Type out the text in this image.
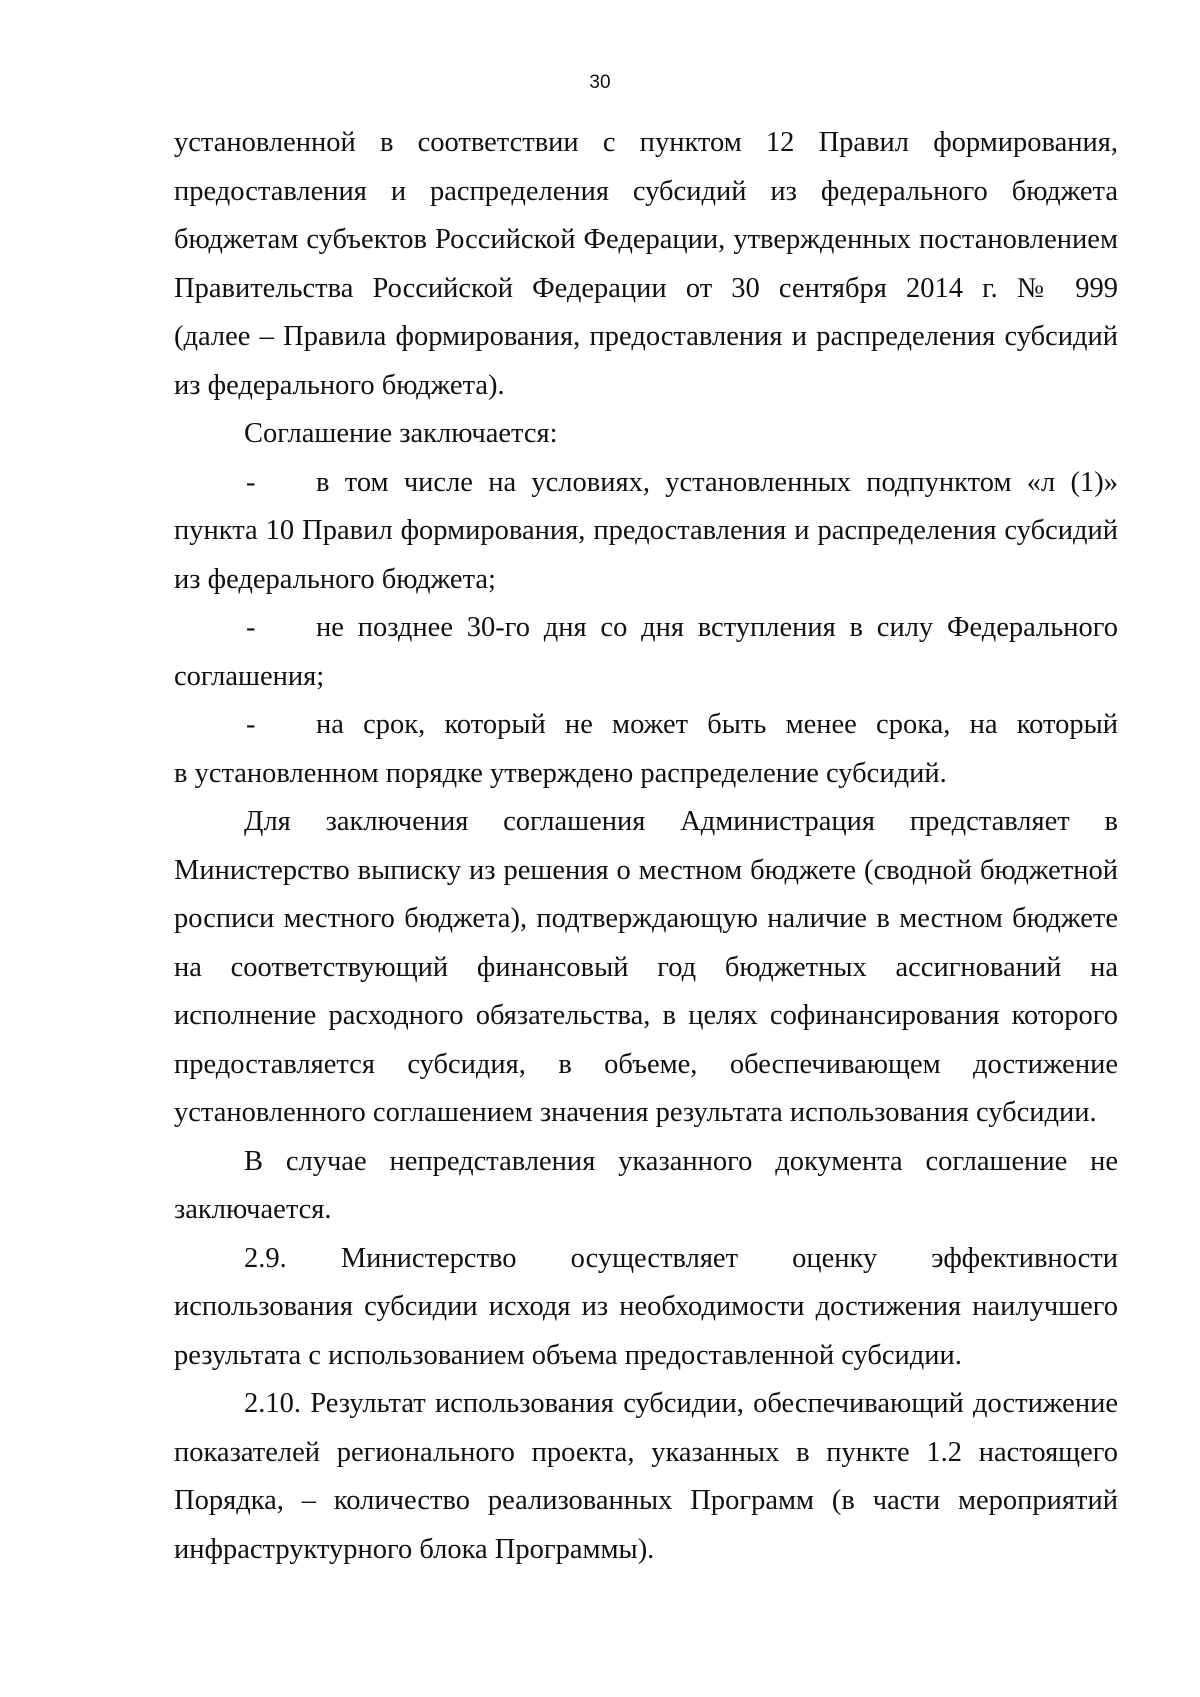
30
установленной в соответствии с пунктом 12 Правил формирования,
предоставления и распределения субсидий из федерального бюджета
бюджетам субъектов Российской Федерации, утвержденных постановлением
Правительства Российской Федерации от 30 сентября 2014 г. № 999
(далее – Правила формирования, предоставления и распределения субсидий
из федерального бюджета).
Соглашение заключается:
-	в том числе на условиях, установленных подпунктом «л (1)»
пункта 10 Правил формирования, предоставления и распределения субсидий
из федерального бюджета;
-	не позднее 30-го дня со дня вступления в силу Федерального
соглашения;
-	на срок, который не может быть менее срока, на который
в установленном порядке утверждено распределение субсидий.
Для заключения соглашения Администрация представляет в
Министерство выписку из решения о местном бюджете (сводной бюджетной
росписи местного бюджета), подтверждающую наличие в местном бюджете
на соответствующий финансовый год бюджетных ассигнований на
исполнение расходного обязательства, в целях софинансирования которого
предоставляется субсидия, в объеме, обеспечивающем достижение
установленного соглашением значения результата использования субсидии.
В случае непредставления указанного документа соглашение не
заключается.
2.9. Министерство осуществляет оценку эффективности
использования субсидии исходя из необходимости достижения наилучшего
результата с использованием объема предоставленной субсидии.
2.10. Результат использования субсидии, обеспечивающий достижение
показателей регионального проекта, указанных в пункте 1.2 настоящего
Порядка, – количество реализованных Программ (в части мероприятий
инфраструктурного блока Программы).
